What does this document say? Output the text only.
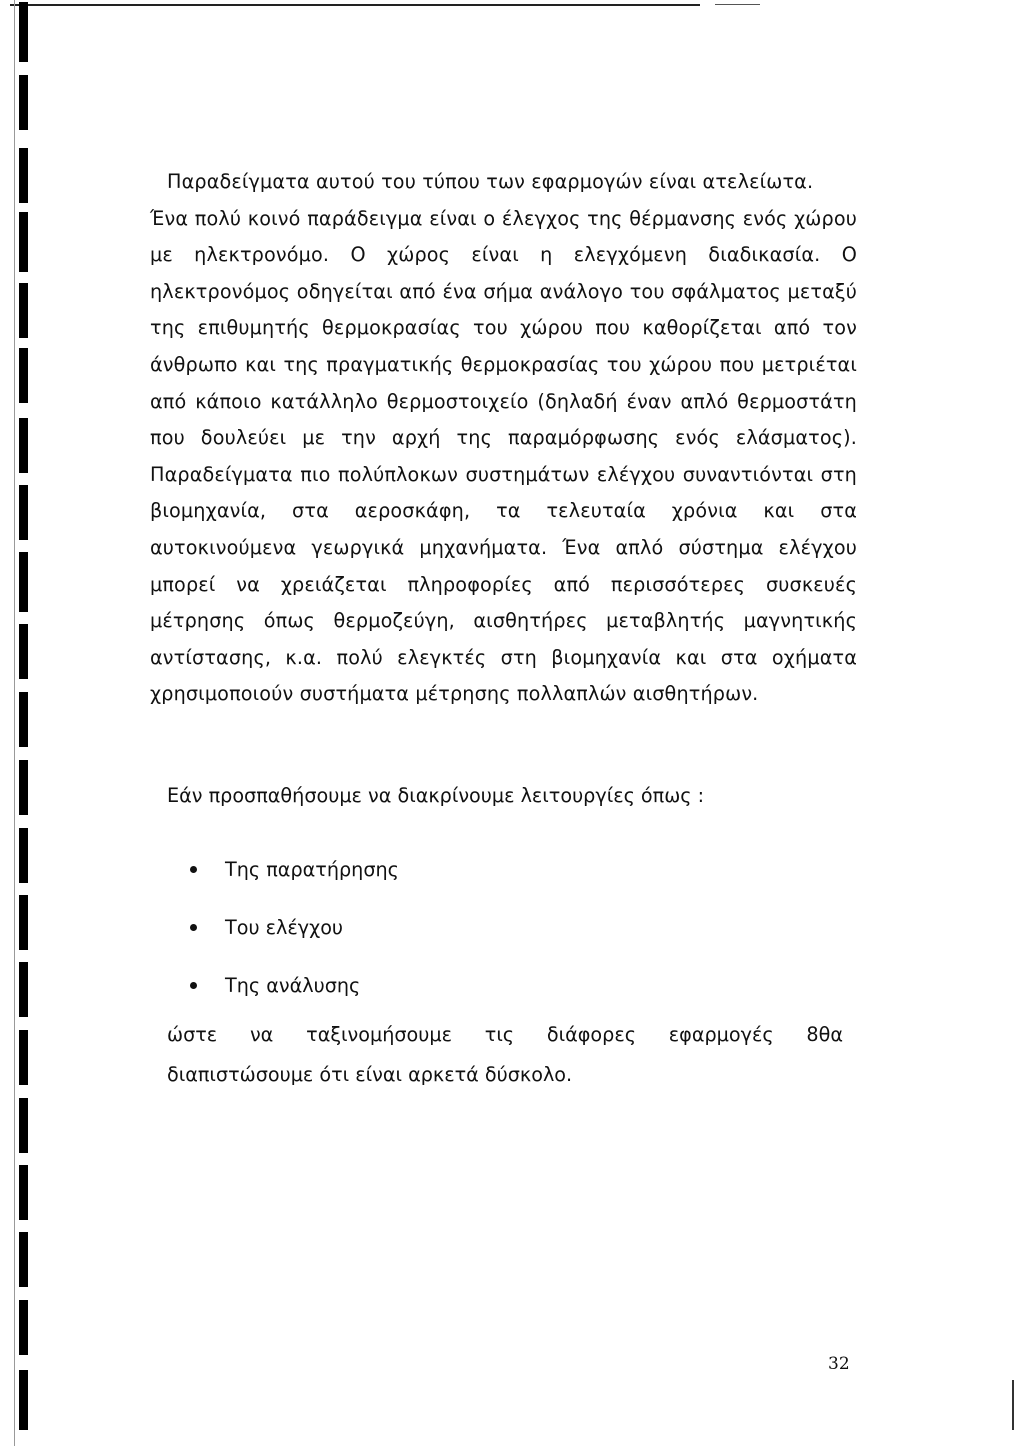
Παραδείγματα αυτού του τύπου των εφαρμογών είναι ατελείωτα.

Ένα πολύ κοινό παράδειγμα είναι ο έλεγχος της θέρμανσης ενός χώρου με ηλεκτρονόμο. Ο χώρος είναι η ελεγχόμενη διαδικασία. Ο ηλεκτρονόμος οδηγείται από ένα σήμα ανάλογο του σφάλματος μεταξύ της επιθυμητής θερμοκρασίας του χώρου που καθορίζεται από τον άνθρωπο και της πραγματικής θερμοκρασίας του χώρου που μετριέται από κάποιο κατάλληλο θερμοστοιχείο (δηλαδή έναν απλό θερμοστάτη που δουλεύει με την αρχή της παραμόρφωσης ενός ελάσματος). Παραδείγματα πιο πολύπλοκων συστημάτων ελέγχου συναντιόνται στη βιομηχανία, στα αεροσκάφη, τα τελευταία χρόνια και στα αυτοκινούμενα γεωργικά μηχανήματα. Ένα απλό σύστημα ελέγχου μπορεί να χρειάζεται πληροφορίες από περισσότερες συσκευές μέτρησης όπως θερμοζεύγη, αισθητήρες μεταβλητής μαγνητικής αντίστασης, κ.α. πολύ ελεγκτές στη βιομηχανία και στα οχήματα χρησιμοποιούν συστήματα μέτρησης πολλαπλών αισθητήρων.

Εάν προσπαθήσουμε να διακρίνουμε λειτουργίες όπως :

Της παρατήρησης
Του ελέγχου
Της ανάλυσης

ώστε να ταξινομήσουμε τις διάφορες εφαρμογές 8θα

διαπιστώσουμε ότι είναι αρκετά δύσκολο.

32
